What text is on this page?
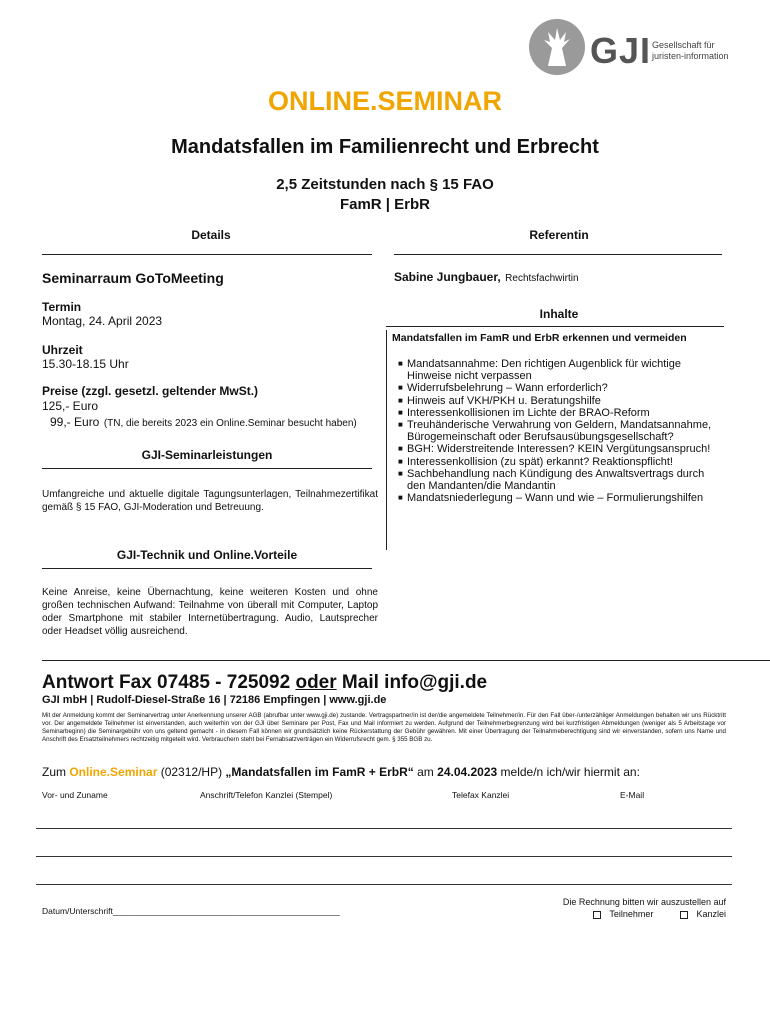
GJI Gesellschaft für
juristen-information
ONLINE.SEMINAR
Mandatsfallen im Familienrecht und Erbrecht
2,5 Zeitstunden nach § 15 FAO
FamR | ErbR
Details
Seminarraum GoToMeeting
Termin
Montag, 24. April 2023
Uhrzeit
15.30-18.15 Uhr
Preise (zzgl. gesetzl. geltender MwSt.)
125,- Euro
99,- Euro (TN, die bereits 2023 ein Online.Seminar besucht haben)
GJI-Seminarleistungen
Umfangreiche und aktuelle digitale Tagungsunterlagen, Teilnahmezertifikat gemäß § 15 FAO, GJI-Moderation und Betreuung.
GJI-Technik und Online.Vorteile
Keine Anreise, keine Übernachtung, keine weiteren Kosten und ohne großen technischen Aufwand: Teilnahme von überall mit Computer, Laptop oder Smartphone mit stabiler Internetübertragung. Audio, Lautsprecher oder Headset völlig ausreichend.
Referentin
Sabine Jungbauer, Rechtsfachwirtin
Inhalte
Mandatsfallen im FamR und ErbR erkennen und vermeiden
■ Mandatsannahme: Den richtigen Augenblick für wichtige Hinweise nicht verpassen
■ Widerrufsbelehrung – Wann erforderlich?
■ Hinweis auf VKH/PKH u. Beratungshilfe
■ Interessenkollisionen im Lichte der BRAO-Reform
■ Treuhänderische Verwahrung von Geldern, Mandatsannahme, Bürogemeinschaft oder Berufsausübungsgesellschaft?
■ BGH: Widerstreitende Interessen? KEIN Vergütungsanspruch!
■ Interessenkollision (zu spät) erkannt? Reaktionspflicht!
■ Sachbehandlung nach Kündigung des Anwaltsvertrags durch den Mandanten/die Mandantin
■ Mandatsniederlegung – Wann und wie – Formulierungshilfen
Antwort Fax 07485 - 725092 oder Mail info@gji.de
GJI mbH | Rudolf-Diesel-Straße 16 | 72186 Empfingen | www.gji.de
Mit der Anmeldung kommt der Seminarvertrag unter Anerkennung unserer AGB (abrufbar unter www.gji.de) zustande. Vertragspartner/in ist der/die angemeldete Teilnehmer/in. Für den Fall über-/unterzähliger Anmeldungen behalten wir uns Rücktritt vor. Der angemeldete Teilnehmer ist einverstanden, auch weiterhin von der GJI über Seminare per Post, Fax und Mail informiert zu werden. Aufgrund der Teilnehmerbegrenzung wird bei kurzfristigen Abmeldungen (weniger als 5 Arbeitstage vor Seminarbeginn) die Seminargebühr von uns geltend gemacht - in diesem Fall können wir grundsätzlich keine Rückerstattung der Gebühr gewähren. Mit einer Übertragung der Teilnahmeberechtigung sind wir einverstanden, sofern uns Name und Anschrift des Ersatzteilnehmers rechtzeitig mitgeteilt wird. Verbrauchern steht bei Fernabsatzverträgen ein Widerrufsrecht gem. § 355 BGB zu.
Zum Online.Seminar (02312/HP) „Mandatsfallen im FamR + ErbR“ am 24.04.2023 melde/n ich/wir hiermit an:
Vor- und Zuname	Anschrift/Telefon Kanzlei (Stempel)	Telefax Kanzlei	E-Mail
Datum/Unterschrift________________________________________________
Die Rechnung bitten wir auszustellen auf
Teilnehmer	Kanzlei
